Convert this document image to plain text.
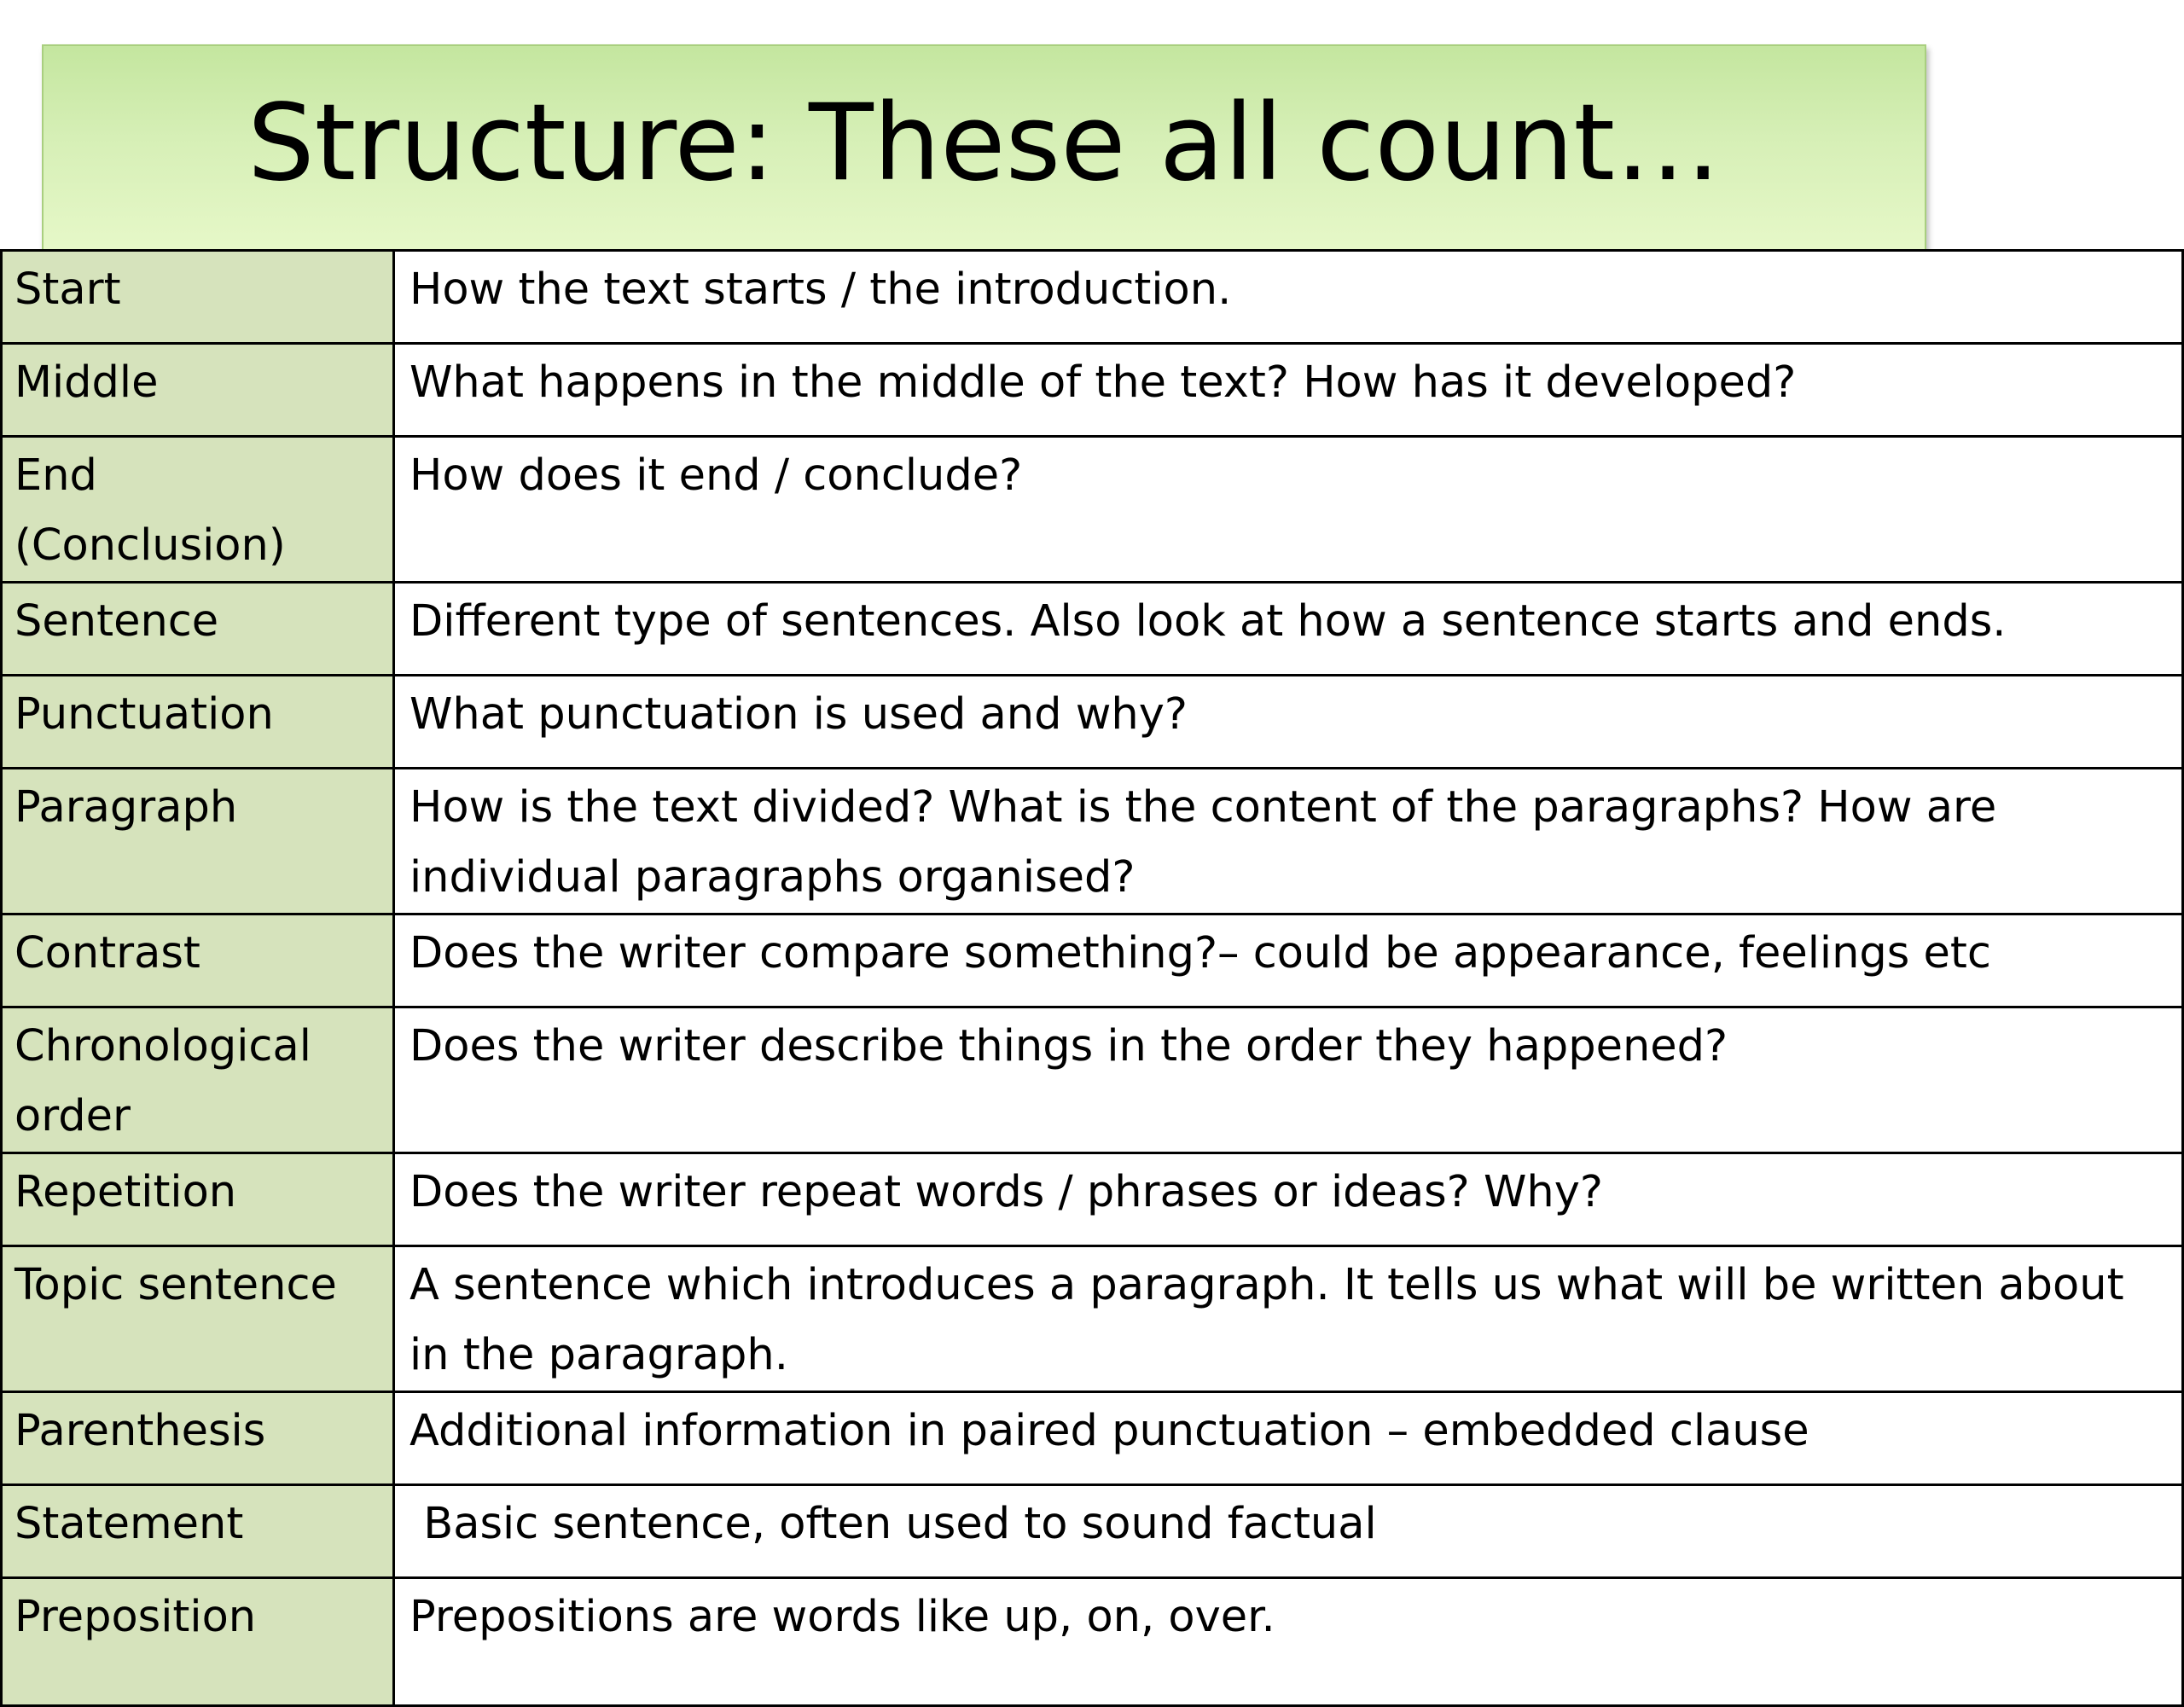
Structure: These all count…
Start	How the text starts / the introduction.
Middle	What happens in the middle of the text? How has it developed?
End (Conclusion)	How does it end / conclude?
Sentence	Different type of sentences. Also look at how a sentence starts and ends.
Punctuation	What punctuation is used and why?
Paragraph	How is the text divided? What is the content of the paragraphs? How are individual paragraphs organised?
Contrast	Does the writer compare something?– could be appearance, feelings etc
Chronological order	Does the writer describe things in the order they happened?
Repetition	Does the writer repeat words / phrases or ideas? Why?
Topic sentence	A sentence which introduces a paragraph. It tells us what will be written about in the paragraph.
Parenthesis	Additional information in paired punctuation – embedded clause
Statement	Basic sentence, often used to sound factual
Preposition	Prepositions are words like up, on, over.
